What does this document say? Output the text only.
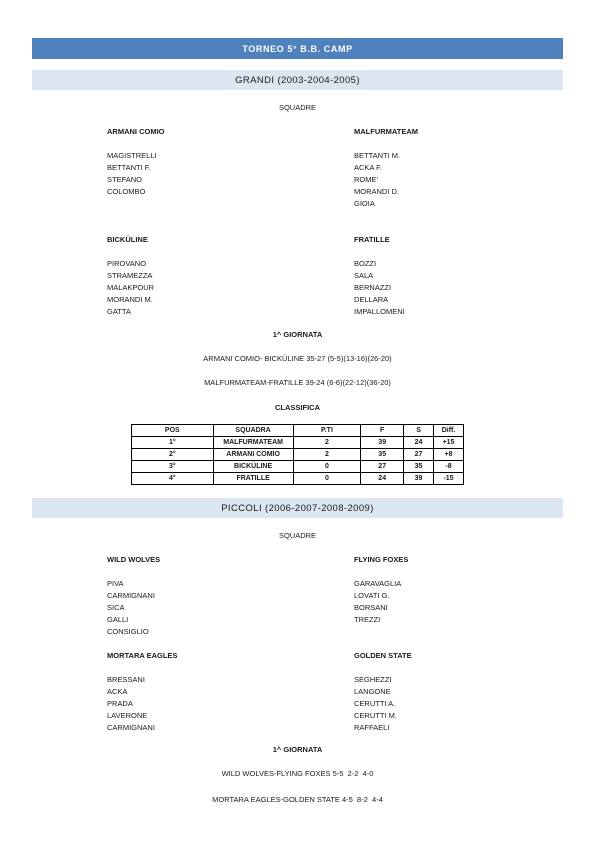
TORNEO 5° B.B. CAMP
GRANDI (2003-2004-2005)
SQUADRE
ARMANI COMIO
MAGISTRELLI
BETTANTI F.
STEFANO
COLOMBO
MALFURMATEAM
BETTANTI M.
ACKA F.
ROME’
MORANDI D.
GIOIA
BICKÜLINE
PIROVANO
STRAMEZZA
MALAKPOUR
MORANDI M.
GATTA
FRATILLE
BOZZI
SALA
BERNAZZI
DELLARA
IMPALLOMENI
1^ GIORNATA
ARMANI COMIO- BICKÜLINE 35-27 (5-5)(13-16)(26-20)
MALFURMATEAM-FRATILLE 39-24 (6-6)(22-12)(36-20)
CLASSIFICA
POS	SQUADRA	P.TI	F	S	Diff.
1°	MALFURMATEAM	2	39	24	+15
2°	ARMANI COMIO	2	35	27	+8
3°	BICKÜLINE	0	27	35	-8
4°	FRATILLE	0	24	39	-15
PICCOLI (2006-2007-2008-2009)
SQUADRE
WILD WOLVES
PIVA
CARMIGNANI
SICA
GALLI
CONSIGLIO
FLYING FOXES
GARAVAGLIA
LOVATI G.
BORSANI
TREZZI
MORTARA EAGLES
BRESSANI
ACKA
PRADA
LAVERONE
CARMIGNANI
GOLDEN STATE
SEGHEZZI
LANGONE
CERUTTI A.
CERUTTI M.
RAFFAELI
1^ GIORNATA
WILD WOLVES-FLYING FOXES 5-5  2-2  4-0
MORTARA EAGLES-GOLDEN STATE 4-5  8-2  4-4
